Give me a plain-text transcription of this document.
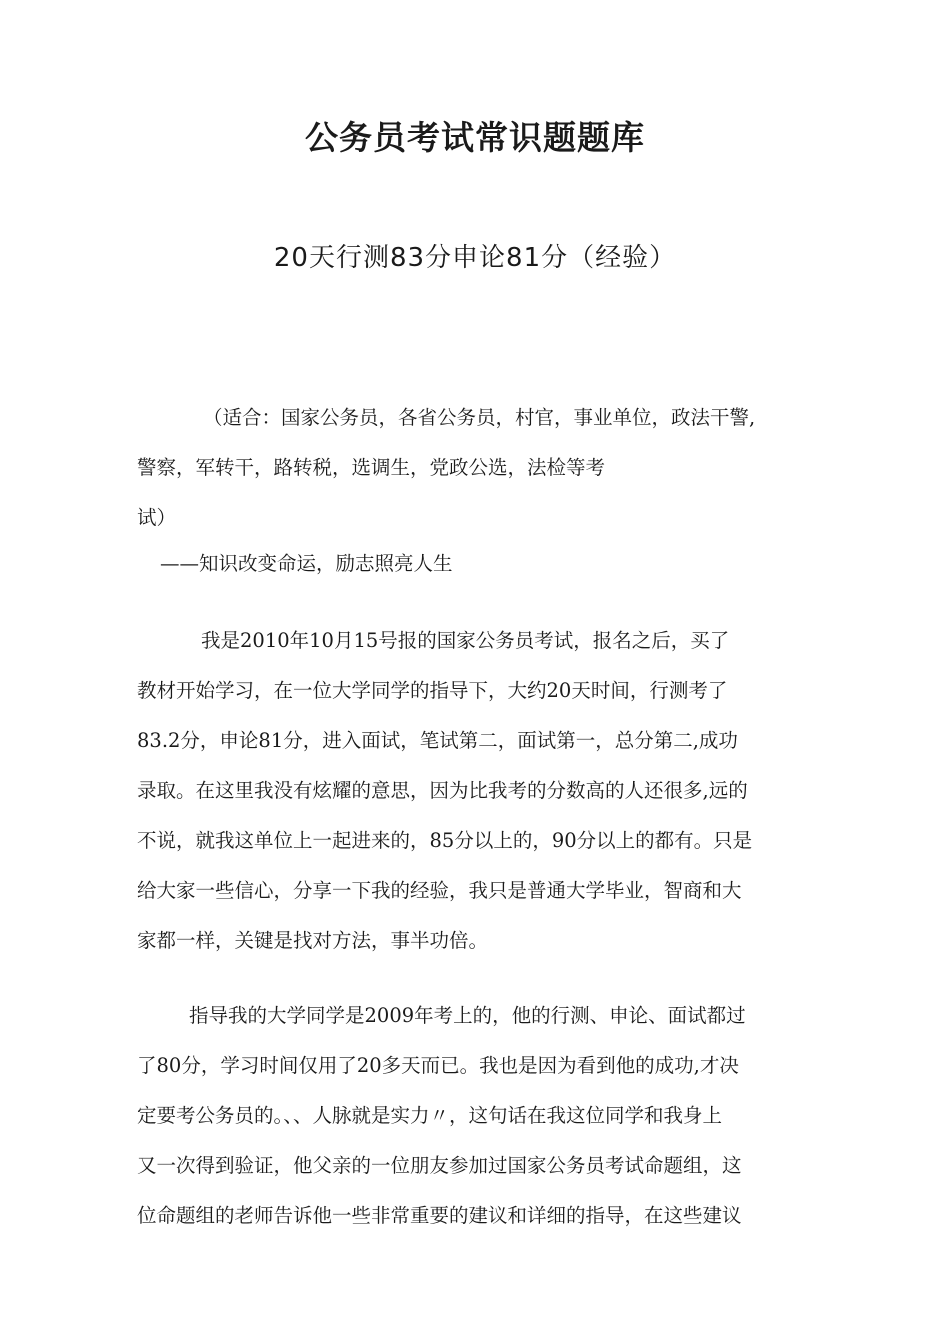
公务员考试常识题题库
20天行测83分申论81分（经验）

（适合：国家公务员，各省公务员，村官，事业单位，政法干警,

警察，军转干，路转税，选调生，党政公选，法检等考

试）

——知识改变命运，励志照亮人生

我是2010年10月15号报的国家公务员考试，报名之后，买了

教材开始学习，在一位大学同学的指导下，大约20天时间，行测考了

83.2分，申论81分，进入面试，笔试第二，面试第一，总分第二,成功

录取。在这里我没有炫耀的意思，因为比我考的分数高的人还很多,远的

不说，就我这单位上一起进来的，85分以上的，90分以上的都有。只是

给大家一些信心，分享一下我的经验，我只是普通大学毕业，智商和大

家都一样，关键是找对方法，事半功倍。

指导我的大学同学是2009年考上的，他的行测、申论、面试都过

了80分，学习时间仅用了20多天而已。我也是因为看到他的成功,才决

定要考公务员的。、、人脉就是实力〃，这句话在我这位同学和我身上

又一次得到验证，他父亲的一位朋友参加过国家公务员考试命题组，这

位命题组的老师告诉他一些非常重要的建议和详细的指导，在这些建议
